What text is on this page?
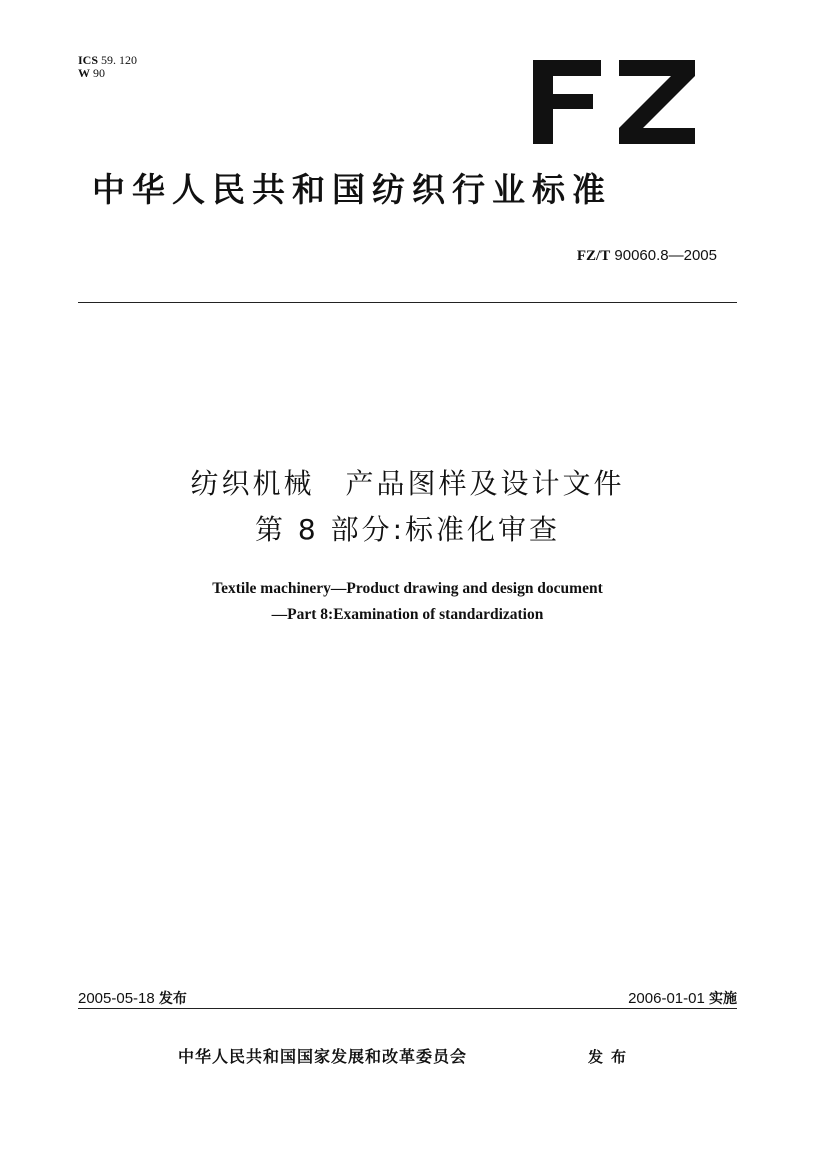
ICS 59. 120
W 90
中华人民共和国纺织行业标准
FZ/T 90060.8—2005
纺织机械　产品图样及设计文件
第 8 部分:标准化审查
Textile machinery—Product drawing and design document
—Part 8:Examination of standardization
2005-05-18 发布	2006-01-01 实施
中华人民共和国国家发展和改革委员会	发布
